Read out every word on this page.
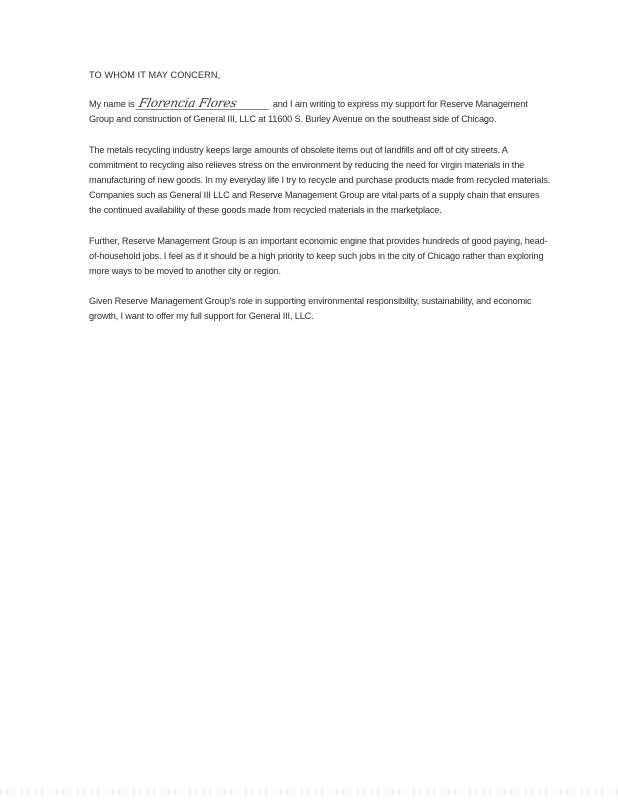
TO WHOM IT MAY CONCERN,

My name is Florencia Flores	and I am writing to express my support for Reserve Management Group and construction of General III, LLC at 11600 S. Burley Avenue on the southeast side of Chicago.

The metals recycling industry keeps large amounts of obsolete items out of landfills and off of city streets. A commitment to recycling also relieves stress on the environment by reducing the need for virgin materials in the manufacturing of new goods. In my everyday life I try to recycle and purchase products made from recycled materials. Companies such as General III LLC and Reserve Management Group are vital parts of a supply chain that ensures the continued availability of these goods made from recycled materials in the marketplace.

Further, Reserve Management Group is an important economic engine that provides hundreds of good paying, head-of-household jobs. I feel as if it should be a high priority to keep such jobs in the city of Chicago rather than exploring more ways to be moved to another city or region.

Given Reserve Management Group's role in supporting environmental responsibility, sustainability, and economic growth, I want to offer my full support for General III, LLC.
